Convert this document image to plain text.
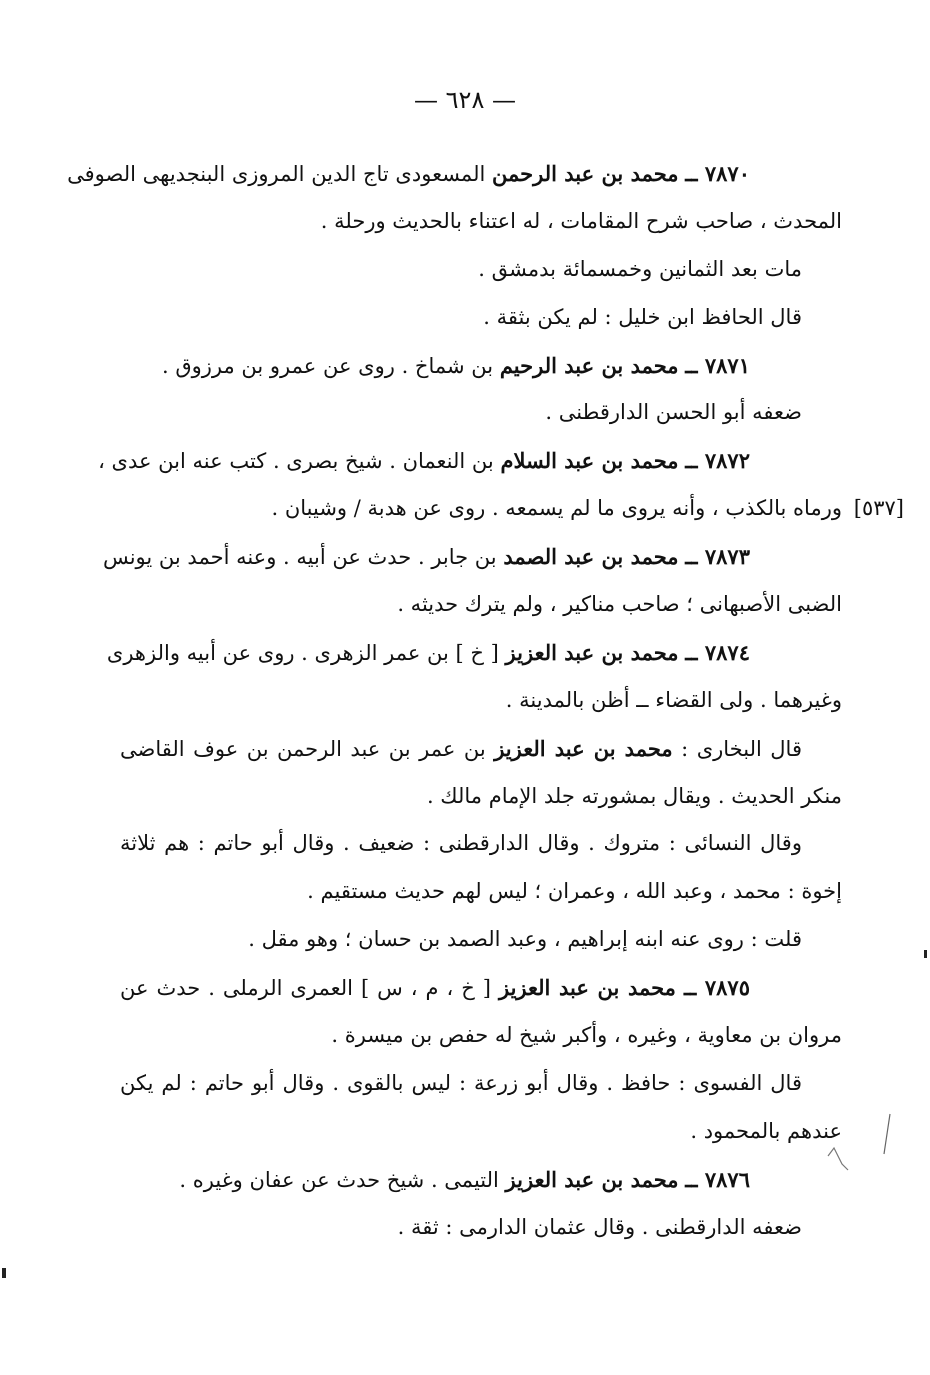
— ٦٢٨ —
٧٨٧٠ ــ محمد بن عبد الرحمن المسعودى تاج الدين المروزى البنجديهى الصوفى
المحدث ، صاحب شرح المقامات ، له اعتناء بالحديث ورحلة .
مات بعد الثمانين وخمسمائة بدمشق .
قال الحافظ ابن خليل : لم يكن بثقة .
٧٨٧١ ــ محمد بن عبد الرحيم بن شماخ . روى عن عمرو بن مرزوق .
ضعفه أبو الحسن الدارقطنى .
٧٨٧٢ ــ محمد بن عبد السلام بن النعمان . شيخ بصرى . كتب عنه ابن عدى ،
ورماه بالكذب ، وأنه يروى ما لم يسمعه . روى عن هدبة / وشيبان . [٥٣٧]
٧٨٧٣ ــ محمد بن عبد الصمد بن جابر . حدث عن أبيه . وعنه أحمد بن يونس
الضبى الأصبهانى ؛ صاحب مناكير ، ولم يترك حديثه .
٧٨٧٤ ــ محمد بن عبد العزيز [ خ ] بن عمر الزهرى . روى عن أبيه والزهرى
وغيرهما . ولى القضاء ــ أظن بالمدينة .
قال البخارى : محمد بن عبد العزيز بن عمر بن عبد الرحمن بن عوف القاضى
منكر الحديث . ويقال بمشورته جلد الإمام مالك .
وقال النسائى : متروك . وقال الدارقطنى : ضعيف . وقال أبو حاتم : هم ثلاثة
إخوة : محمد ، وعبد الله ، وعمران ؛ ليس لهم حديث مستقيم .
قلت : روى عنه ابنه إبراهيم ، وعبد الصمد بن حسان ؛ وهو مقل .
٧٨٧٥ ــ محمد بن عبد العزيز [ خ ، م ، س ] العمرى الرملى . حدث عن
مروان بن معاوية ، وغيره ، وأكبر شيخ له حفص بن ميسرة .
قال الفسوى : حافظ . وقال أبو زرعة : ليس بالقوى . وقال أبو حاتم : لم يكن
عندهم بالمحمود .
٧٨٧٦ ــ محمد بن عبد العزيز التيمى . شيخ حدث عن عفان وغيره .
ضعفه الدارقطنى . وقال عثمان الدارمى : ثقة .
